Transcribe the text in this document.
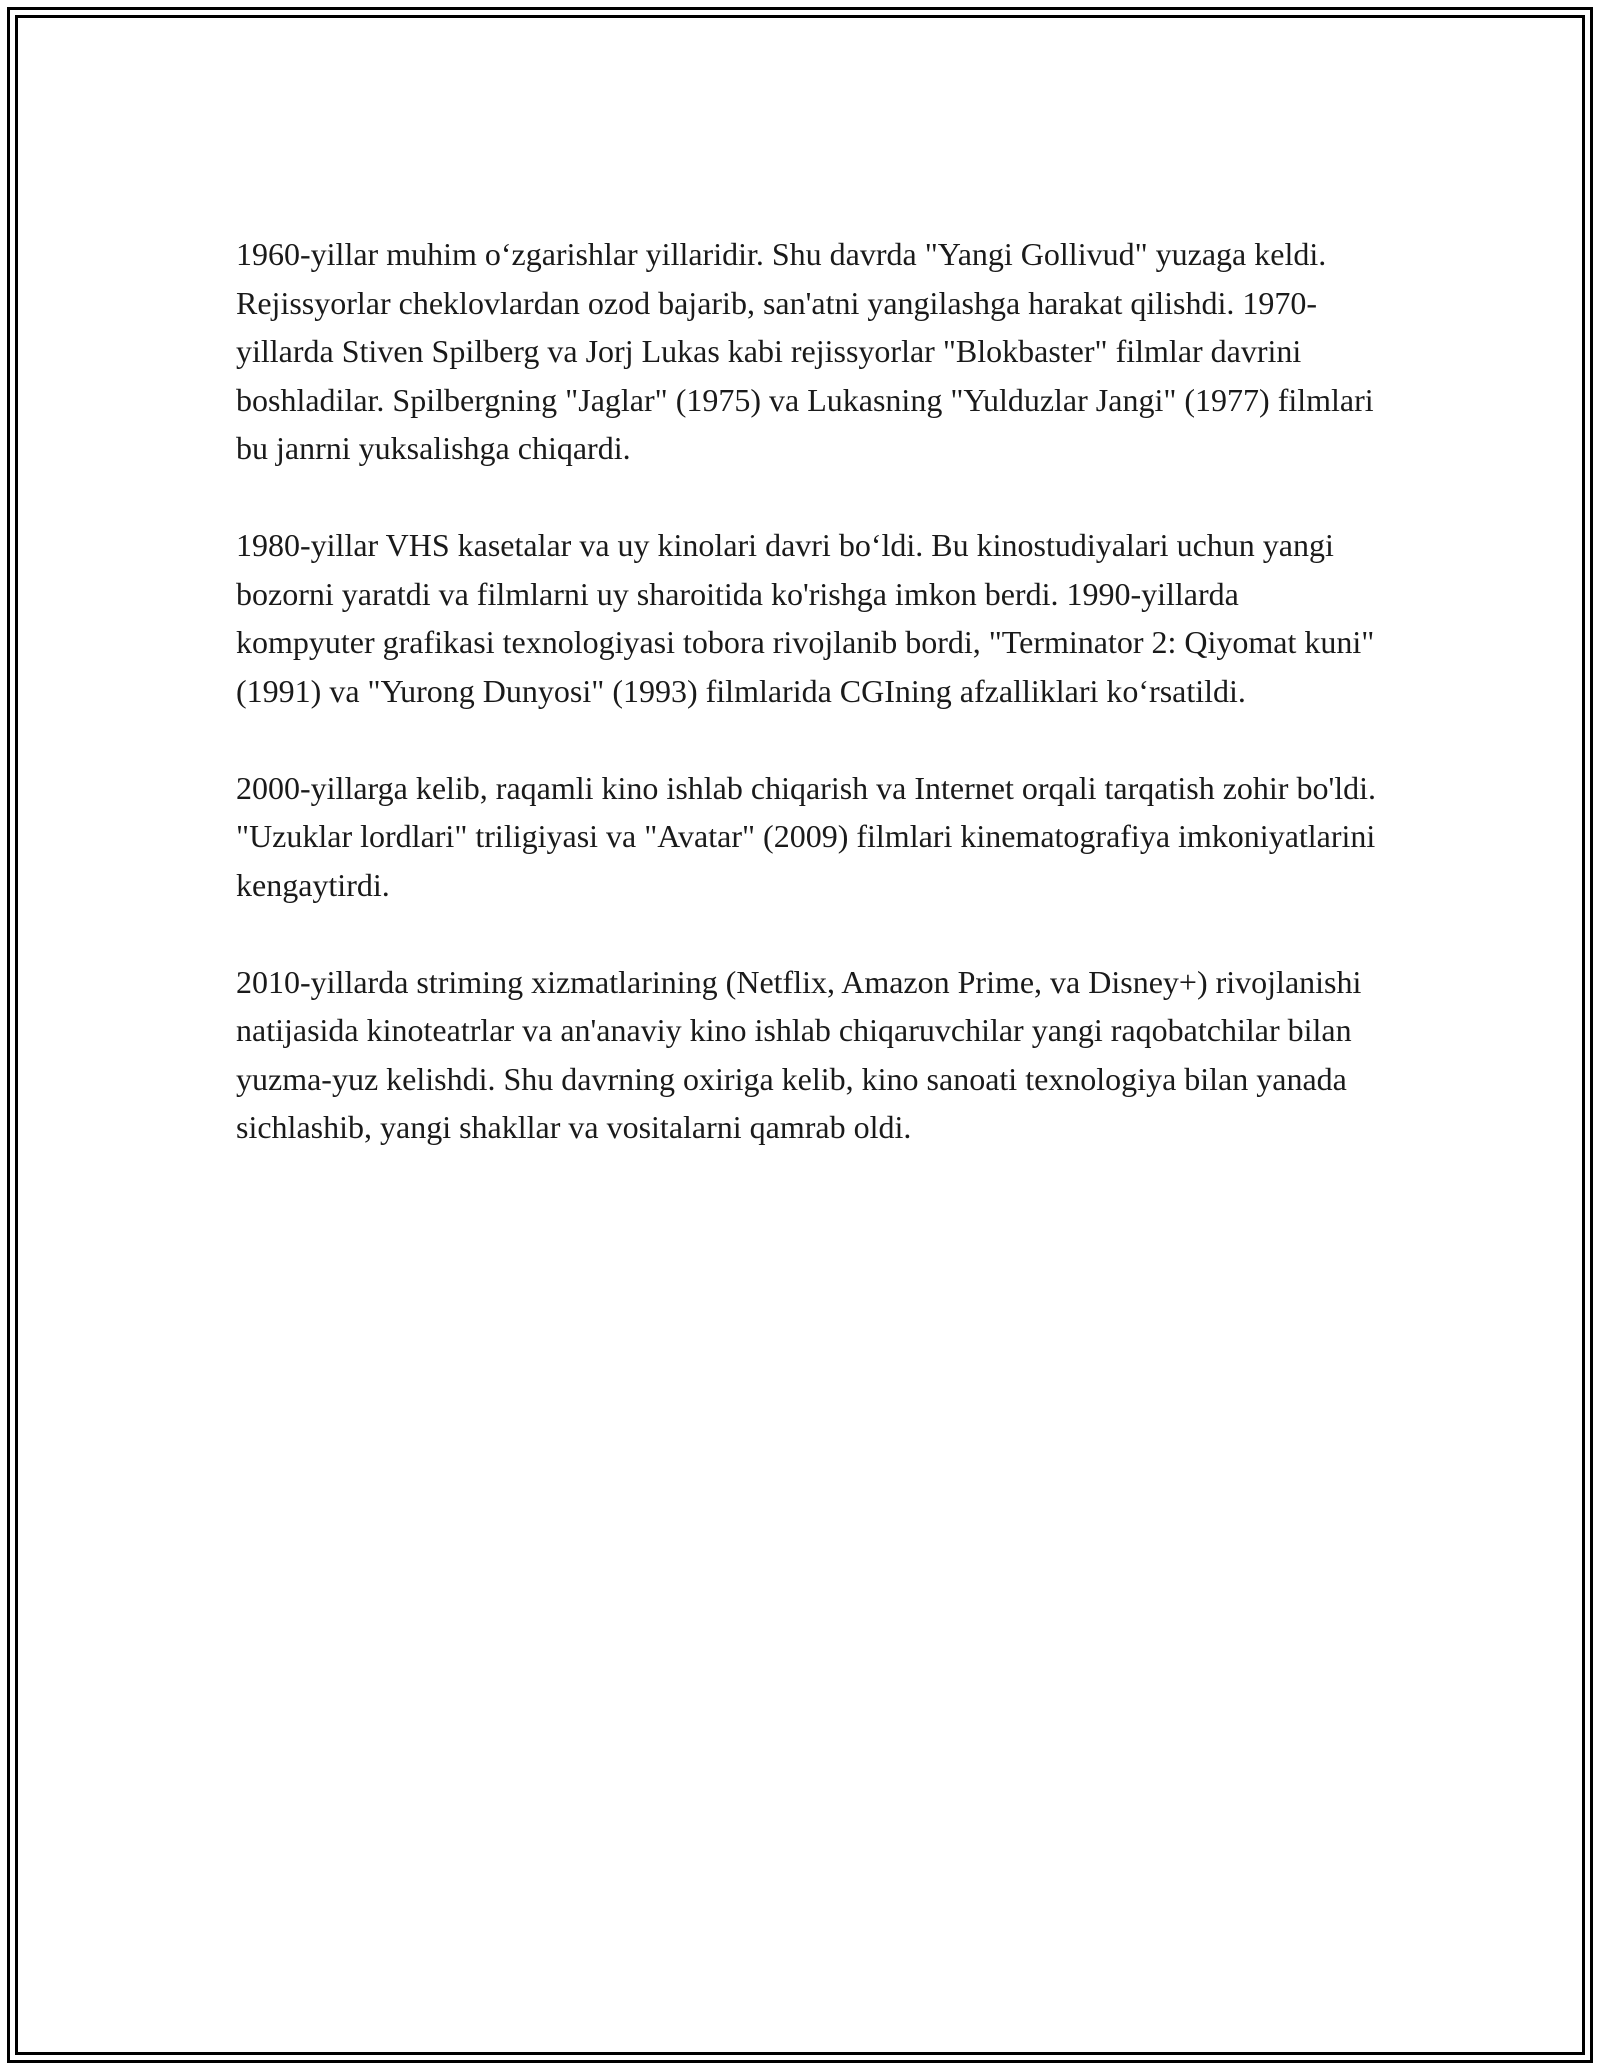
1960-yillar muhim o‘zgarishlar yillaridir. Shu davrda "Yangi Gollivud" yuzaga keldi. Rejissyorlar cheklovlardan ozod bajarib, san'atni yangilashga harakat qilishdi. 1970-yillarda Stiven Spilberg va Jorj Lukas kabi rejissyorlar "Blokbaster" filmlar davrini boshladilar. Spilbergning "Jaglar" (1975) va Lukasning "Yulduzlar Jangi" (1977) filmlari bu janrni yuksalishga chiqardi.

1980-yillar VHS kasetalar va uy kinolari davri bo‘ldi. Bu kinostudiyalari uchun yangi bozorni yaratdi va filmlarni uy sharoitida ko'rishga imkon berdi. 1990-yillarda kompyuter grafikasi texnologiyasi tobora rivojlanib bordi, "Terminator 2: Qiyomat kuni" (1991) va "Yurong Dunyosi" (1993) filmlarida CGIning afzalliklari ko‘rsatildi.

2000-yillarga kelib, raqamli kino ishlab chiqarish va Internet orqali tarqatish zohir bo'ldi. "Uzuklar lordlari" triligiyasi va "Avatar" (2009) filmlari kinematografiya imkoniyatlarini kengaytirdi.

2010-yillarda striming xizmatlarining (Netflix, Amazon Prime, va Disney+) rivojlanishi natijasida kinoteatrlar va an'anaviy kino ishlab chiqaruvchilar yangi raqobatchilar bilan yuzma-yuz kelishdi. Shu davrning oxiriga kelib, kino sanoati texnologiya bilan yanada sichlashib, yangi shakllar va vositalarni qamrab oldi.
